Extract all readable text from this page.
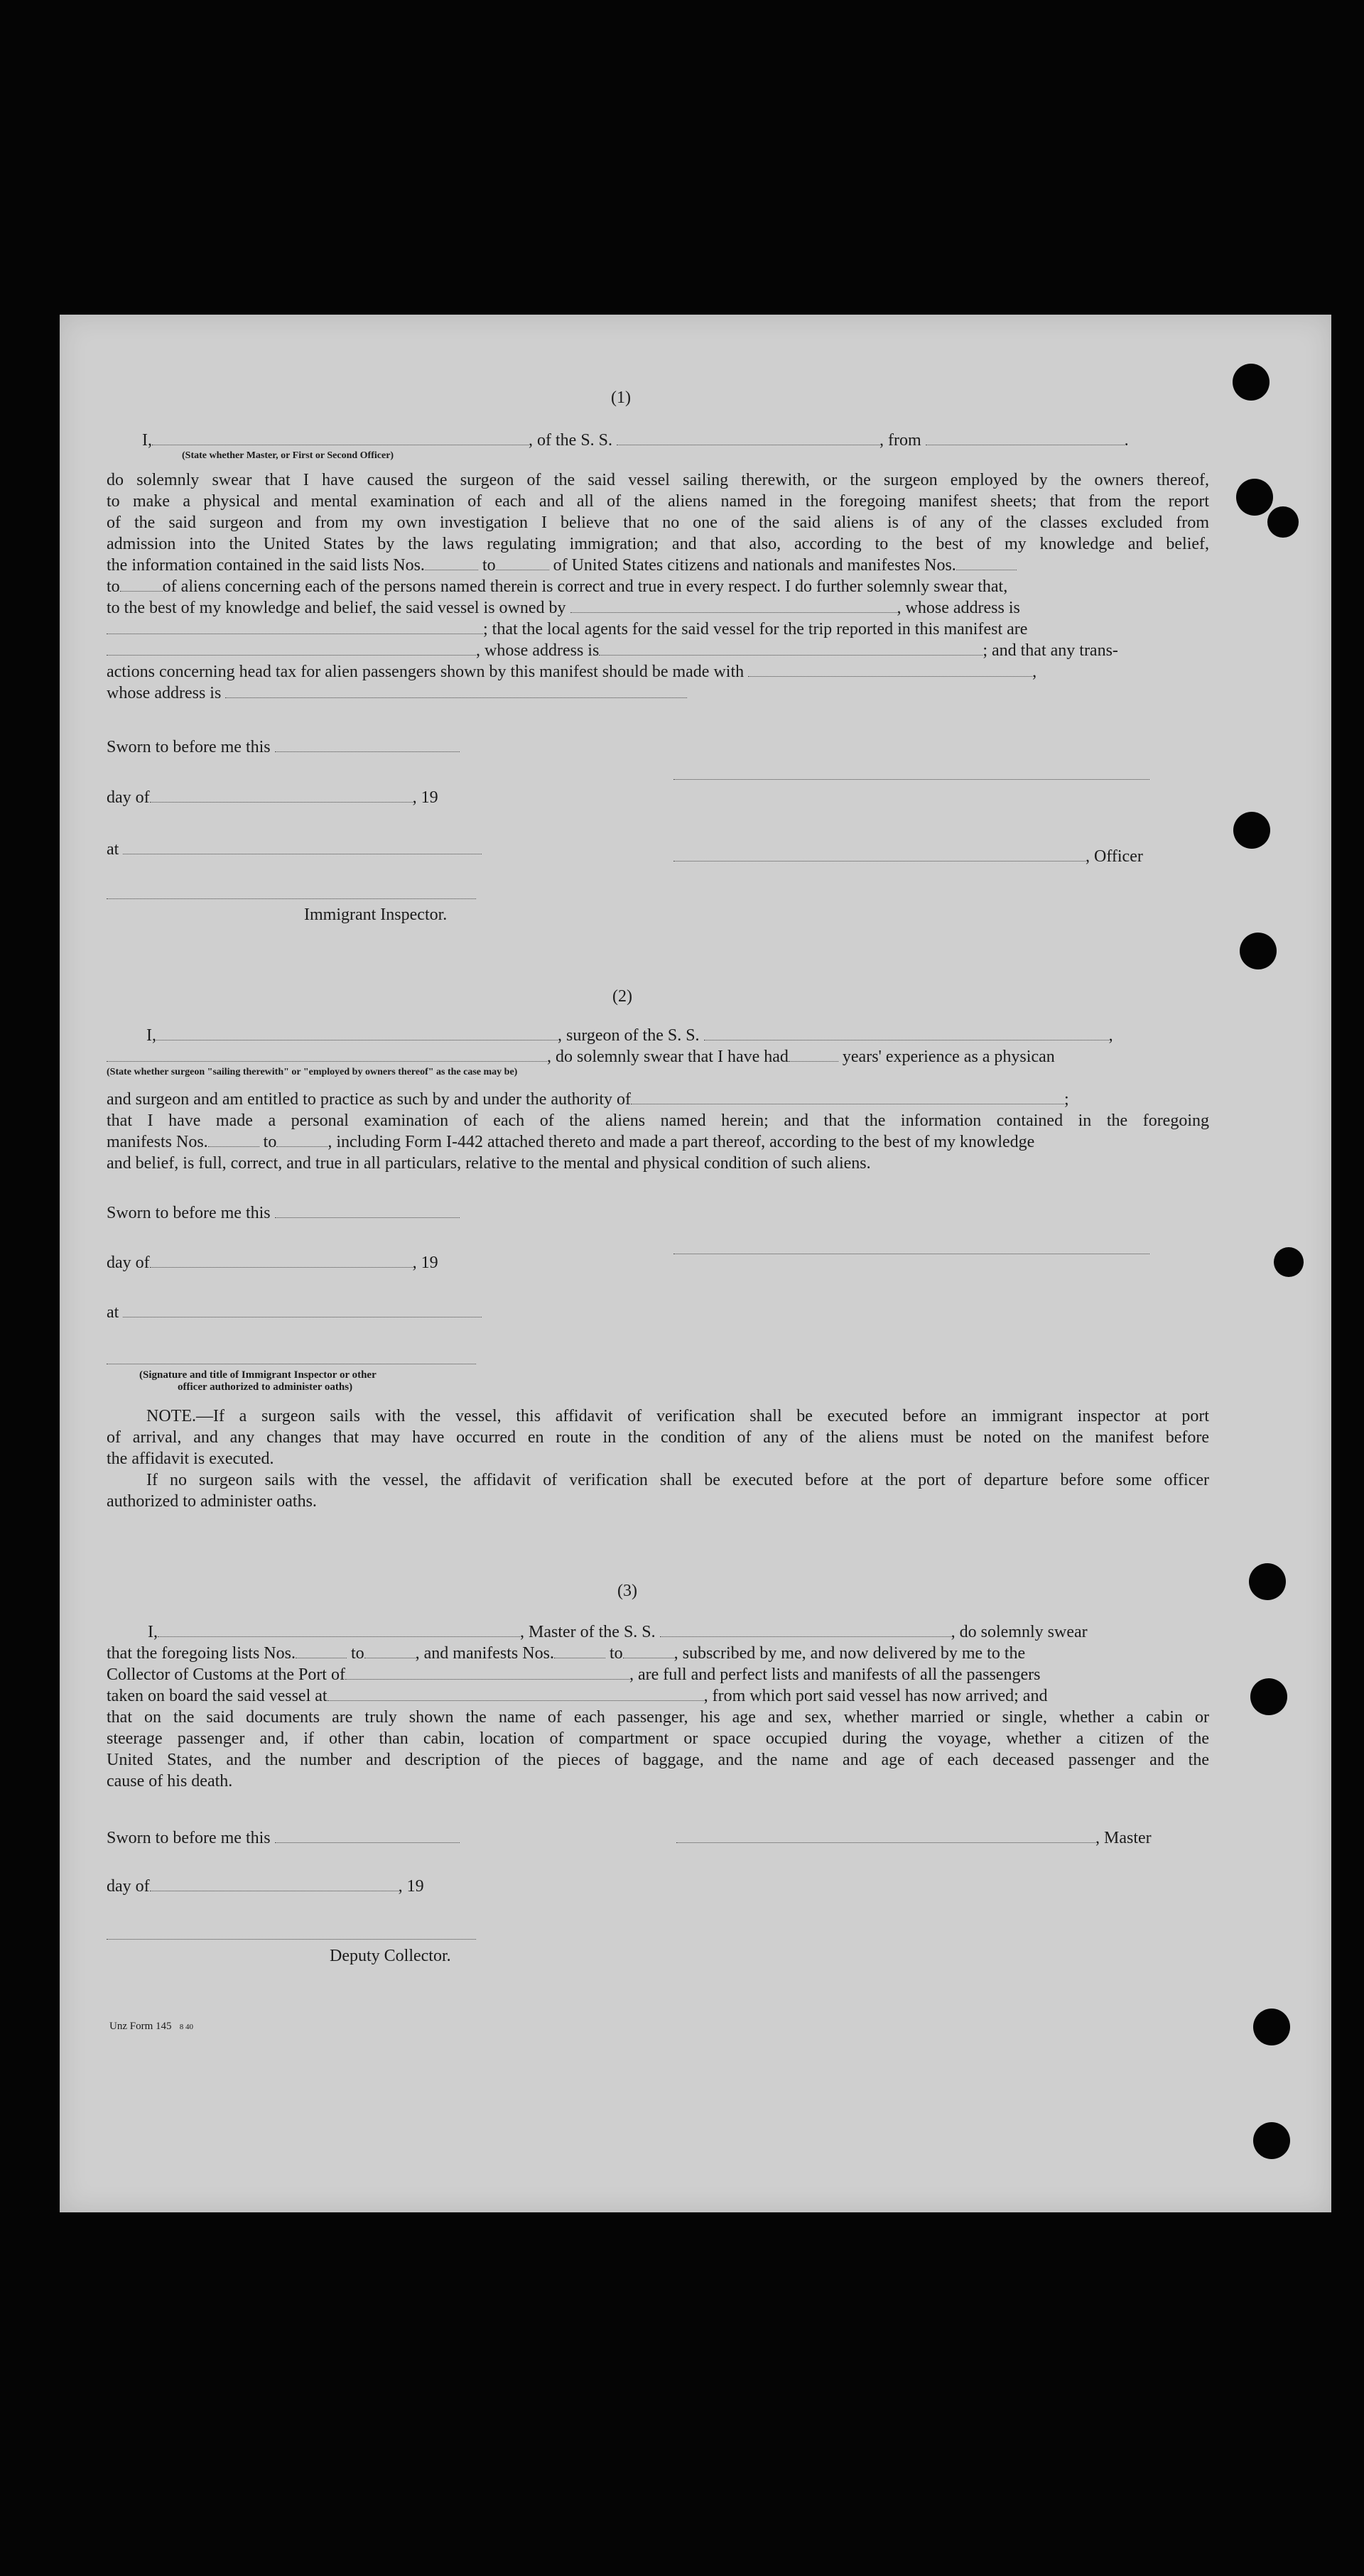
(1)
I,	, of the S. S.	, from	.
(State whether Master, or First or Second Officer)
do solemnly swear that I have caused the surgeon of the said vessel sailing therewith, or the surgeon employed by the owners thereof,
to make a physical and mental examination of each and all of the aliens named in the foregoing manifest sheets; that from the report
of the said surgeon and from my own investigation I believe that no one of the said aliens is of any of the classes excluded from
admission into the United States by the laws regulating immigration; and that also, according to the best of my knowledge and belief,
the information contained in the said lists Nos.	to	of United States citizens and nationals and manifestes Nos.
to	of aliens concerning each of the persons named therein is correct and true in every respect. I do further solemnly swear that,
to the best of my knowledge and belief, the said vessel is owned by	, whose address is
; that the local agents for the said vessel for the trip reported in this manifest are
, whose address is	; and that any trans-
actions concerning head tax for alien passengers shown by this manifest should be made with	,
whose address is
Sworn to before me this
day of	, 19
at	, Officer
Immigrant Inspector.
(2)
I,	, surgeon of the S. S.	,
, do solemnly swear that I have had	years' experience as a physican
(State whether surgeon "sailing therewith" or "employed by owners thereof" as the case may be)
and surgeon and am entitled to practice as such by and under the authority of	;
that I have made a personal examination of each of the aliens named herein; and that the information contained in the foregoing
manifests Nos.	to	, including Form I-442 attached thereto and made a part thereof, according to the best of my knowledge
and belief, is full, correct, and true in all particulars, relative to the mental and physical condition of such aliens.
Sworn to before me this
day of	, 19
at
(Signature and title of Immigrant Inspector or other
officer authorized to administer oaths)
NOTE.—If a surgeon sails with the vessel, this affidavit of verification shall be executed before an immigrant inspector at port
of arrival, and any changes that may have occurred en route in the condition of any of the aliens must be noted on the manifest before
the affidavit is executed.
If no surgeon sails with the vessel, the affidavit of verification shall be executed before at the port of departure before some officer
authorized to administer oaths.
(3)
I,	, Master of the S. S.	, do solemnly swear
that the foregoing lists Nos.	to	, and manifests Nos.	to	, subscribed by me, and now delivered by me to the
Collector of Customs at the Port of	, are full and perfect lists and manifests of all the passengers
taken on board the said vessel at	, from which port said vessel has now arrived; and
that on the said documents are truly shown the name of each passenger, his age and sex, whether married or single, whether a cabin or
steerage passenger and, if other than cabin, location of compartment or space occupied during the voyage, whether a citizen of the
United States, and the number and description of the pieces of baggage, and the name and age of each deceased passenger and the
cause of his death.
Sworn to before me this	, Master
day of	, 19
Deputy Collector.
Unz Form 145 8 40
